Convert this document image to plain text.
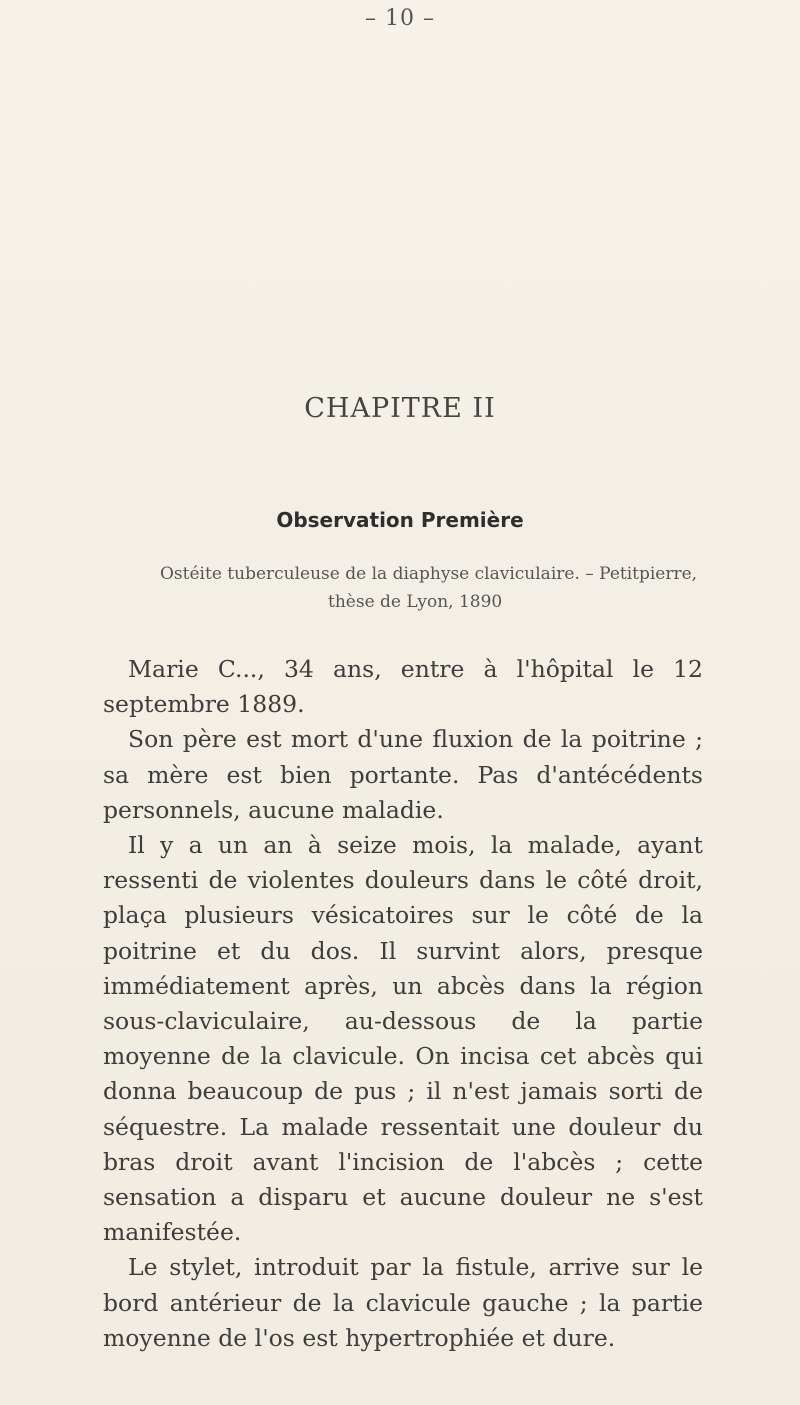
– 10 –
CHAPITRE II
Observation Première
Ostéite tuberculeuse de la diaphyse claviculaire. – Petitpierre,
thèse de Lyon, 1890

Marie C..., 34 ans, entre à l'hôpital le 12 septembre 1889.

Son père est mort d'une fluxion de la poitrine ; sa mère est bien portante. Pas d'antécédents personnels, aucune maladie.

Il y a un an à seize mois, la malade, ayant ressenti de violentes douleurs dans le côté droit, plaça plusieurs vésicatoires sur le côté de la poitrine et du dos. Il survint alors, presque immédiatement après, un abcès dans la région sous-claviculaire, au-dessous de la partie moyenne de la clavicule. On incisa cet abcès qui donna beaucoup de pus ; il n'est jamais sorti de séquestre. La malade ressentait une douleur du bras droit avant l'incision de l'abcès ; cette sensation a disparu et aucune douleur ne s'est manifestée.

Le stylet, introduit par la fistule, arrive sur le bord antérieur de la clavicule gauche ; la partie moyenne de l'os est hypertrophiée et dure.
